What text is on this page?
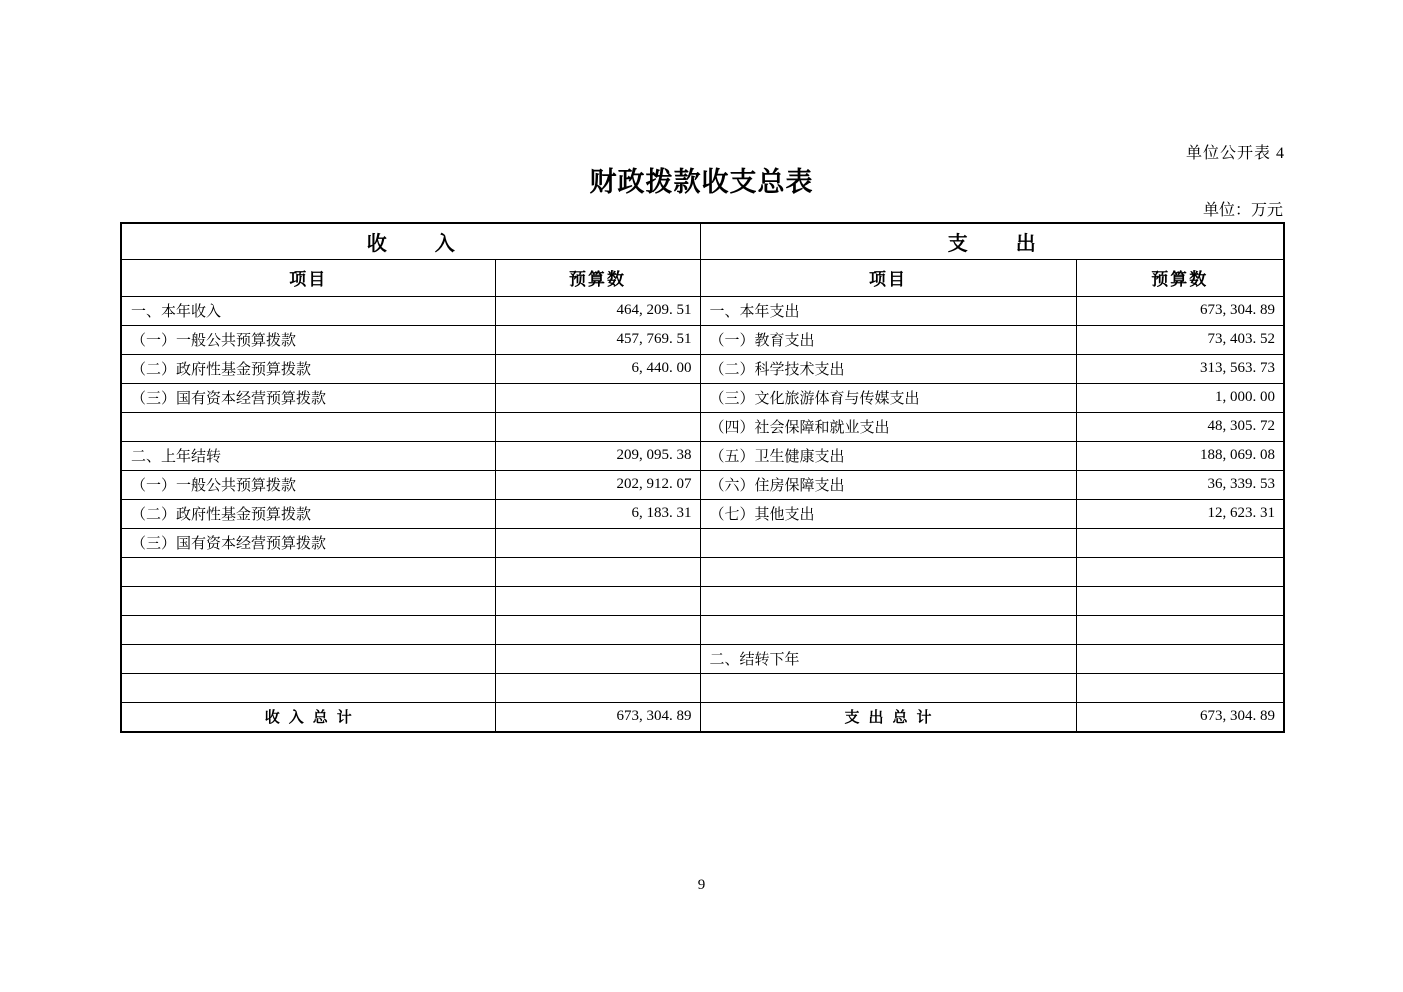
单位公开表 4
财政拨款收支总表
单位：万元
收入		支出	
项目	预算数	项目	预算数
一、本年收入	464, 209. 51	一、本年支出	673, 304. 89
（一）一般公共预算拨款	457, 769. 51	（一）教育支出	73, 403. 52
（二）政府性基金预算拨款	6, 440. 00	（二）科学技术支出	313, 563. 73
（三）国有资本经营预算拨款		（三）文化旅游体育与传媒支出	1, 000. 00
		（四）社会保障和就业支出	48, 305. 72
二、上年结转	209, 095. 38	（五）卫生健康支出	188, 069. 08
（一）一般公共预算拨款	202, 912. 07	（六）住房保障支出	36, 339. 53
（二）政府性基金预算拨款	6, 183. 31	（七）其他支出	12, 623. 31
（三）国有资本经营预算拨款			

		二、结转下年	

收 入 总 计	673, 304. 89	支 出 总 计	673, 304. 89
9
